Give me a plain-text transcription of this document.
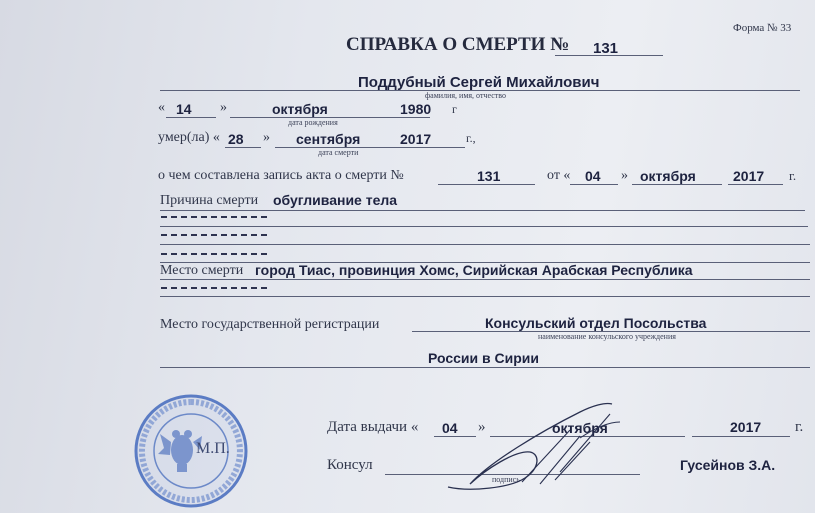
Форма № 33
СПРАВКА О СМЕРТИ № 131
Поддубный Сергей Михайлович
фамилия, имя, отчество
« 14 »	октября	1980 г
дата рождения
умер(ла) « 28 » сентября	2017	г.,
дата смерти
о чем составлена запись акта о смерти №	131	от « 04 » октября	2017 г.
Причина смерти обугливание тела
Место смерти город Тиас, провинция Хомс, Сирийская Арабская Республика
Место государственной регистрации	Консульский отдел Посольства
наименование консульского учреждения
России в Сирии
М.П.
Дата выдачи « 04 »	октября	2017 г.
Консул
подпись
Гусейнов З.А.
